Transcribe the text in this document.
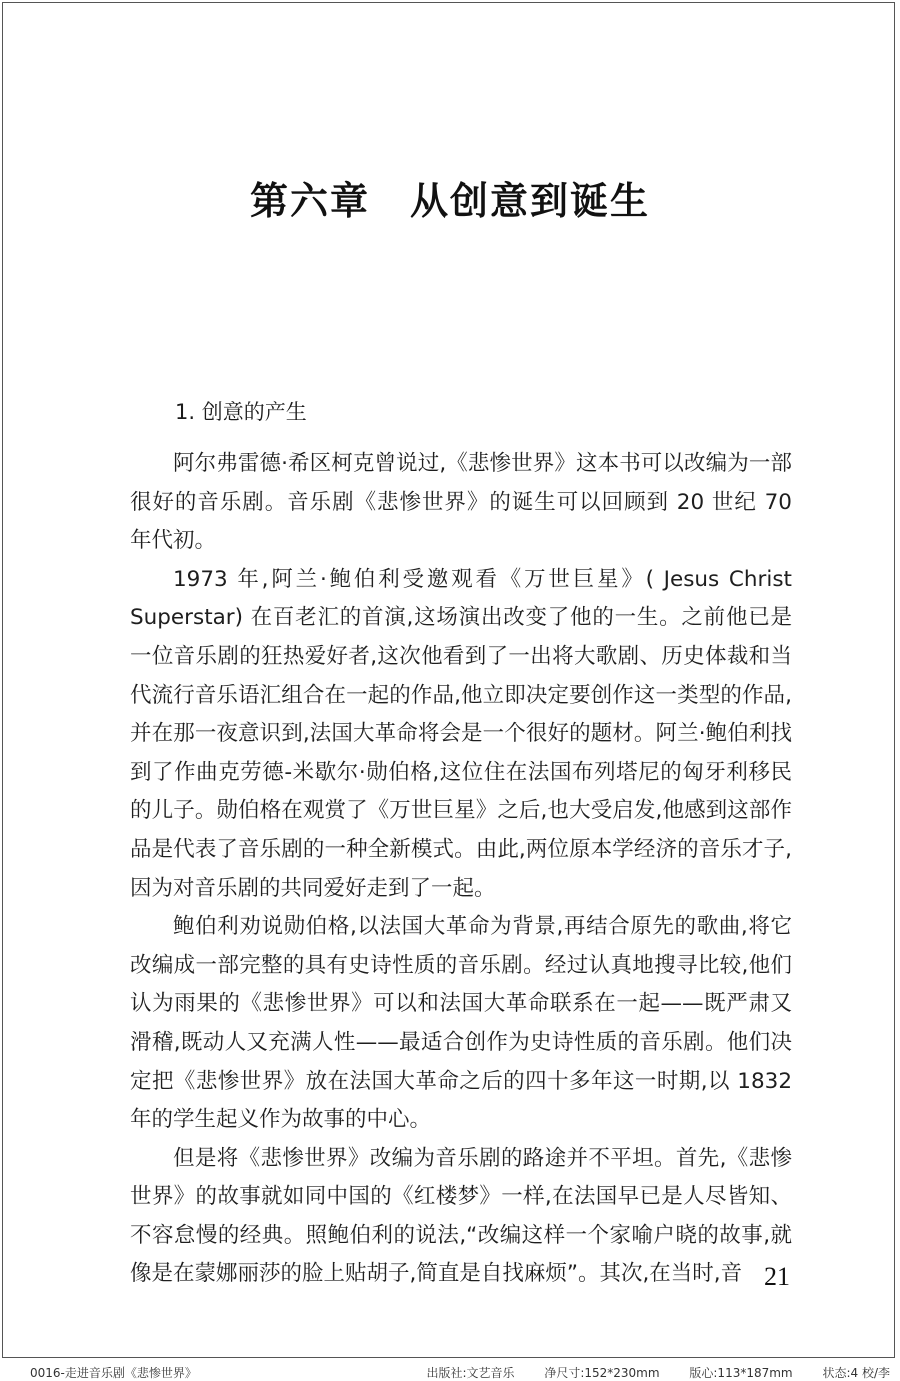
第六章　从创意到诞生
1. 创意的产生

阿尔弗雷德·希区柯克曾说过,《悲惨世界》这本书可以改编为一部很好的音乐剧。音乐剧《悲惨世界》的诞生可以回顾到 20 世纪 70 年代初。

1973 年,阿兰·鲍伯利受邀观看《万世巨星》( Jesus Christ Superstar) 在百老汇的首演,这场演出改变了他的一生。之前他已是一位音乐剧的狂热爱好者,这次他看到了一出将大歌剧、历史体裁和当代流行音乐语汇组合在一起的作品,他立即决定要创作这一类型的作品,并在那一夜意识到,法国大革命将会是一个很好的题材。阿兰·鲍伯利找到了作曲克劳德-米歇尔·勋伯格,这位住在法国布列塔尼的匈牙利移民的儿子。勋伯格在观赏了《万世巨星》之后,也大受启发,他感到这部作品是代表了音乐剧的一种全新模式。由此,两位原本学经济的音乐才子,因为对音乐剧的共同爱好走到了一起。

鲍伯利劝说勋伯格,以法国大革命为背景,再结合原先的歌曲,将它改编成一部完整的具有史诗性质的音乐剧。经过认真地搜寻比较,他们认为雨果的《悲惨世界》可以和法国大革命联系在一起——既严肃又滑稽,既动人又充满人性——最适合创作为史诗性质的音乐剧。他们决定把《悲惨世界》放在法国大革命之后的四十多年这一时期,以 1832 年的学生起义作为故事的中心。

但是将《悲惨世界》改编为音乐剧的路途并不平坦。首先,《悲惨世界》的故事就如同中国的《红楼梦》一样,在法国早已是人尽皆知、不容怠慢的经典。照鲍伯利的说法,“改编这样一个家喻户晓的故事,就像是在蒙娜丽莎的脸上贴胡子,简直是自找麻烦”。其次,在当时,音 21
0016-走进音乐剧《悲惨世界》	出版社:文艺音乐 净尺寸:152*230mm 版心:113*187mm 状态:4 校/李
